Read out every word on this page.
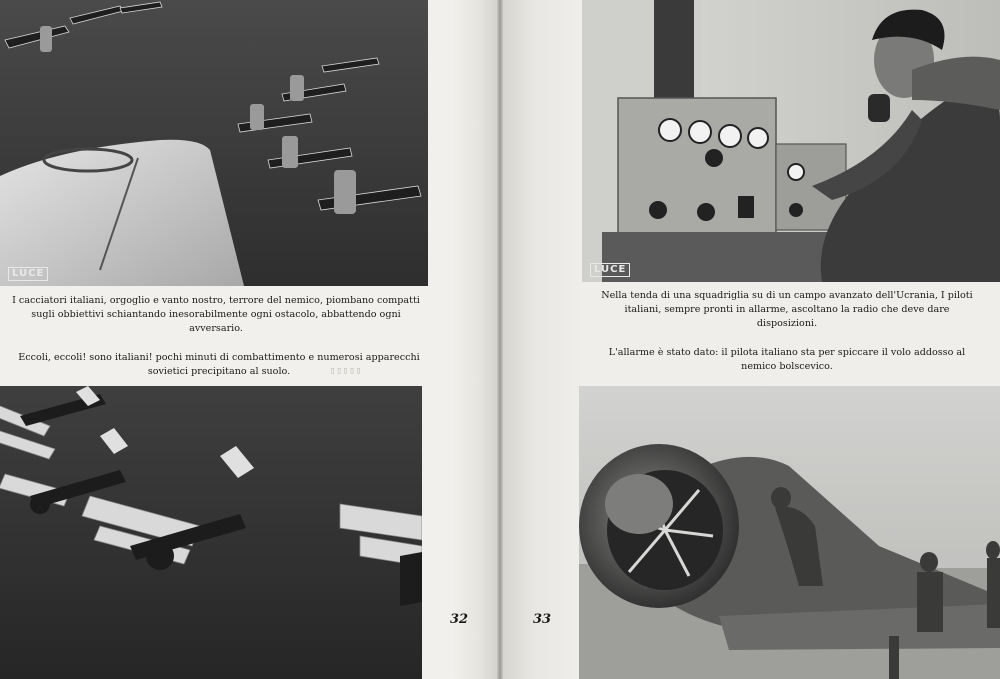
LUCE

I cacciatori italiani, orgoglio e vanto nostro, terrore del nemico, piombano compatti sugli obbiettivi schiantando inesorabilmente ogni ostacolo, abbattendo ogni avversario.

Eccoli, eccoli! sono italiani! pochi minuti di combattimento e numerosi apparecchi sovietici precipitano al suolo.	▯▯▯▯▯
32
LUCE

Nella tenda di una squadriglia su di un campo avanzato dell'Ucrania, I piloti italiani, sempre pronti in allarme, ascoltano la radio che deve dare disposizioni.

L'allarme è stato dato: il pilota italiano sta per spiccare il volo addosso al nemico bolscevico.

33
